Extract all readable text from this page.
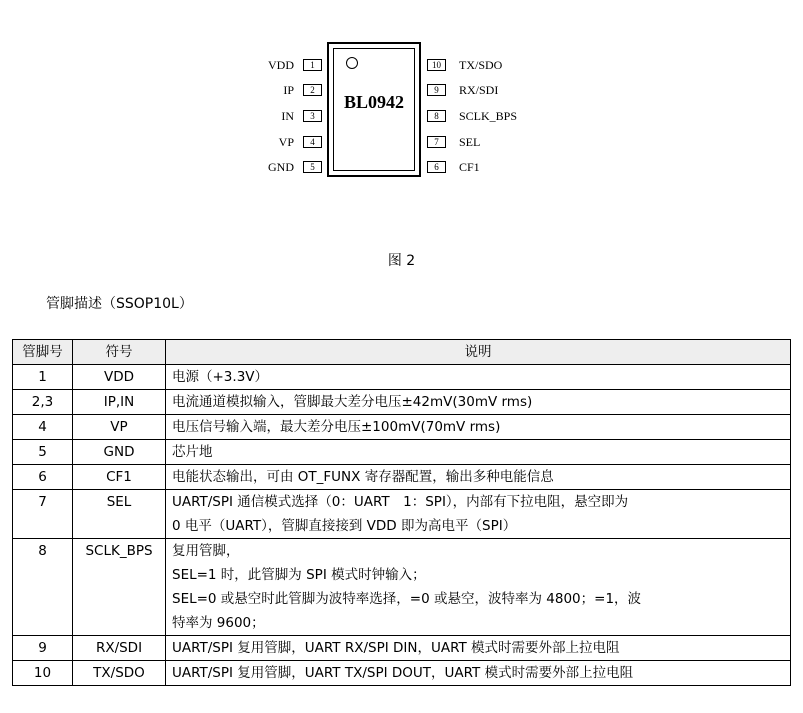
BL0942
1
VDD
2
IP
3
IN
4
VP
5
GND
10	TX/SDO
9	RX/SDI
8	SCLK_BPS
7	SEL
6	CF1
图 2
管脚描述（SSOP10L）
管脚号	符号	说明
1	VDD	电源（+3.3V）

2,3	IP,IN	电流通道模拟输入，管脚最大差分电压±42mV(30mV rms)

4	VP	电压信号输入端，最大差分电压±100mV(70mV rms)

5	GND	芯片地

6	CF1	电能状态输出，可由 OT_FUNX 寄存器配置，输出多种电能信息

7	SEL	UART/SPI 通信模式选择（0：UART　1：SPI），内部有下拉电阻，悬空即为
0 电平（UART），管脚直接接到 VDD 即为高电平（SPI）

8	SCLK_BPS	复用管脚，
SEL=1 时，此管脚为 SPI 模式时钟输入；
SEL=0 或悬空时此管脚为波特率选择，=0 或悬空，波特率为 4800；=1，波
特率为 9600；

9	RX/SDI	UART/SPI 复用管脚，UART RX/SPI DIN，UART 模式时需要外部上拉电阻

10	TX/SDO	UART/SPI 复用管脚，UART TX/SPI DOUT，UART 模式时需要外部上拉电阻
